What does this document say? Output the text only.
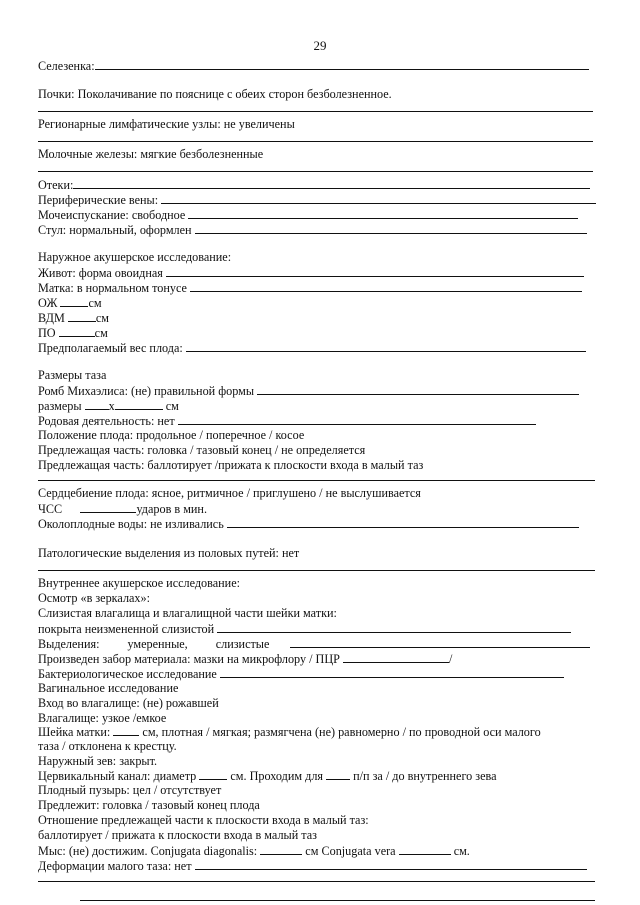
29
Селезенка:
Почки: Поколачивание по пояснице с обеих сторон безболезненное.
Регионарные лимфатические узлы: не увеличены
Молочные железы: мягкие безболезненные
Отеки:
Периферические вены:
Мочеиспускание: свободное
Стул: нормальный, оформлен
Наружное акушерское исследование:
Живот: форма овоидная
Матка: в нормальном тонусе
ОЖ	см
ВДМ	см
ПО	см
Предполагаемый вес плода:
Размеры таза
Ромб Михаэлиса: (не) правильной формы
размеры х	см
Родовая деятельность: нет
Положение плода: продольное / поперечное / косое
Предлежащая часть: головка / тазовый конец / не определяется
Предлежащая часть: баллотирует /прижата к плоскости входа в малый таз
Сердцебиение плода: ясное, ритмичное / приглушено / не выслушивается
ЧСС	ударов в мин.
Околоплодные воды: не изливались
Патологические выделения из половых путей: нет
Внутреннее акушерское исследование:
Осмотр «в зеркалах»:
Слизистая влагалища и влагалищной части шейки матки:
покрыта неизмененной слизистой
Выделения: умеренные, слизистые
Произведен забор материала: мазки на микрофлору / ПЦР	/
Бактериологическое исследование
Вагинальное исследование
Вход во влагалище: (не) рожавшей
Влагалище: узкое /емкое
Шейка матки:	см, плотная / мягкая; размягчена (не) равномерно / по проводной оси малого
таза / отклонена к крестцу.
Наружный зев: закрыт.
Цервикальный канал: диаметр	см. Проходим для п/п за / до внутреннего зева
Плодный пузырь: цел / отсутствует
Предлежит: головка / тазовый конец плода
Отношение предлежащей части к плоскости входа в малый таз:
баллотирует / прижата к плоскости входа в малый таз
Мыс: (не) достижим. Conjugata diagonalis:	см Conjugata vera	см.
Деформации малого таза: нет
